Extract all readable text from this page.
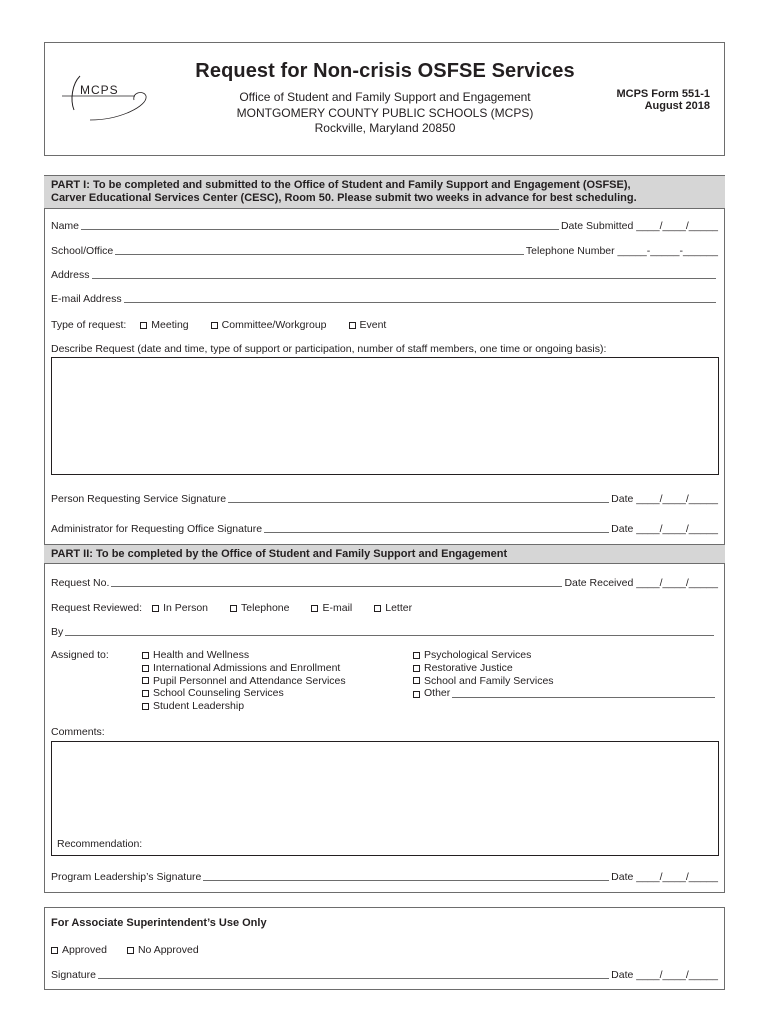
MCPS
Request for Non-crisis OSFSE Services
Office of Student and Family Support and Engagement
MONTGOMERY COUNTY PUBLIC SCHOOLS (MCPS)
Rockville, Maryland 20850
MCPS Form 551-1
August 2018
PART I: To be completed and submitted to the Office of Student and Family Support and Engagement (OSFSE),
Carver Educational Services Center (CESC), Room 50. Please submit two weeks in advance for best scheduling.
Name	Date Submitted ____/____/_____
School/Office	Telephone Number _____-_____-______
Address
E-mail Address
Type of request: Meeting	Committee/Workgroup	Event
Describe Request (date and time, type of support or participation, number of staff members, one time or ongoing basis):
Person Requesting Service Signature	Date ____/____/_____
Administrator for Requesting Office Signature	Date ____/____/_____
PART II: To be completed by the Office of Student and Family Support and Engagement
Request No.	Date Received ____/____/_____
Request Reviewed: In Person	Telephone	E-mail	Letter
By
Assigned to:	Health and Wellness
International Admissions and Enrollment
Pupil Personnel and Attendance Services
School Counseling Services
Student Leadership
Psychological Services
Restorative Justice
School and Family Services
Other
Comments:
Recommendation:
Program Leadership’s Signature	Date ____/____/_____
For Associate Superintendent’s Use Only
Approved	No Approved
Signature	Date ____/____/_____
